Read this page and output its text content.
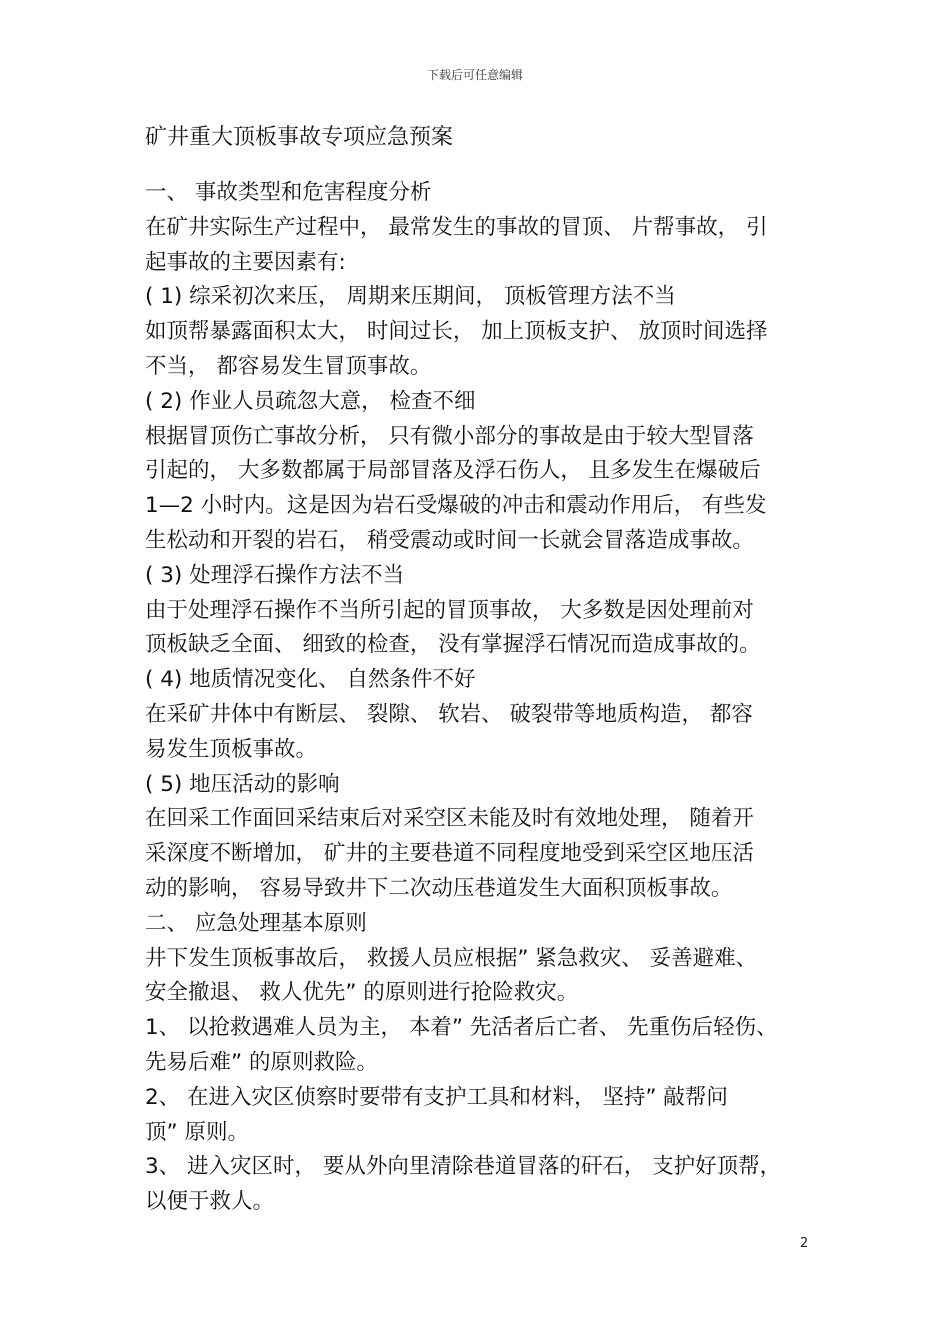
下载后可任意编辑
矿井重大顶板事故专项应急预案
一、 事故类型和危害程度分析
在矿井实际生产过程中， 最常发生的事故的冒顶、 片帮事故， 引
起事故的主要因素有:
( 1) 综采初次来压， 周期来压期间， 顶板管理方法不当
如顶帮暴露面积太大， 时间过长， 加上顶板支护、 放顶时间选择
不当， 都容易发生冒顶事故。
( 2) 作业人员疏忽大意， 检查不细
根据冒顶伤亡事故分析， 只有微小部分的事故是由于较大型冒落
引起的， 大多数都属于局部冒落及浮石伤人， 且多发生在爆破后
1—2 小时内。这是因为岩石受爆破的冲击和震动作用后， 有些发
生松动和开裂的岩石， 稍受震动或时间一长就会冒落造成事故。
( 3) 处理浮石操作方法不当
由于处理浮石操作不当所引起的冒顶事故， 大多数是因处理前对
顶板缺乏全面、 细致的检查， 没有掌握浮石情况而造成事故的。
( 4) 地质情况变化、 自然条件不好
在采矿井体中有断层、 裂隙、 软岩、 破裂带等地质构造， 都容
易发生顶板事故。
( 5) 地压活动的影响
在回采工作面回采结束后对采空区未能及时有效地处理， 随着开
采深度不断增加， 矿井的主要巷道不同程度地受到采空区地压活
动的影响， 容易导致井下二次动压巷道发生大面积顶板事故。
二、 应急处理基本原则
井下发生顶板事故后， 救援人员应根据” 紧急救灾、 妥善避难、
安全撤退、 救人优先” 的原则进行抢险救灾。
1、 以抢救遇难人员为主， 本着” 先活者后亡者、 先重伤后轻伤、
先易后难” 的原则救险。
2、 在进入灾区侦察时要带有支护工具和材料， 坚持” 敲帮问
顶” 原则。
3、 进入灾区时， 要从外向里清除巷道冒落的矸石， 支护好顶帮，
以便于救人。
2
